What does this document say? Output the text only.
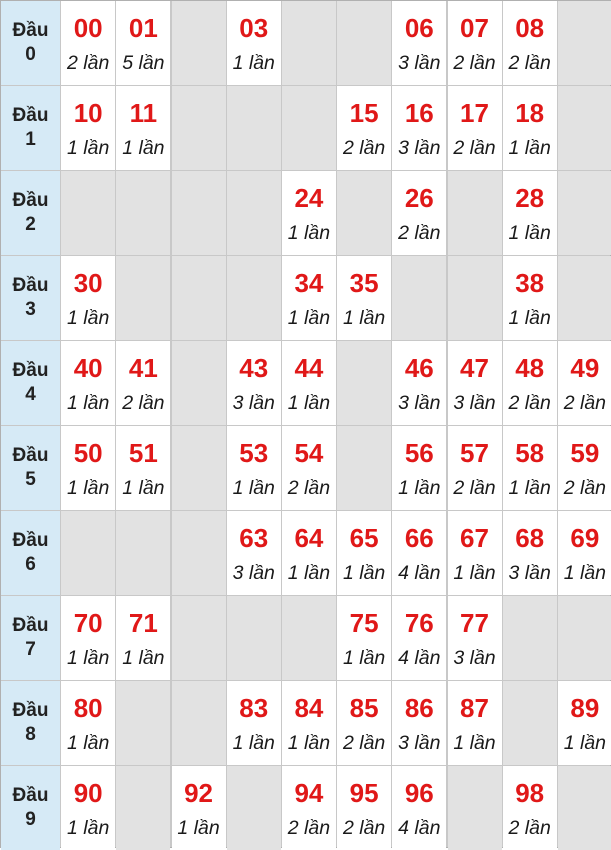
Đầu
0
00
2 lần
01
5 lần
03
1 lần
06
3 lần
07
2 lần
08
2 lần
Đầu
1
10
1 lần
11
1 lần
15
2 lần
16
3 lần
17
2 lần
18
1 lần
Đầu
2
24
1 lần
26
2 lần
28
1 lần
Đầu
3
30
1 lần
34
1 lần
35
1 lần
38
1 lần
Đầu
4
40
1 lần
41
2 lần
43
3 lần
44
1 lần
46
3 lần
47
3 lần
48
2 lần
49
2 lần
Đầu
5
50
1 lần
51
1 lần
53
1 lần
54
2 lần
56
1 lần
57
2 lần
58
1 lần
59
2 lần
Đầu
6
63
3 lần
64
1 lần
65
1 lần
66
4 lần
67
1 lần
68
3 lần
69
1 lần
Đầu
7
70
1 lần
71
1 lần
75
1 lần
76
4 lần
77
3 lần
Đầu
8
80
1 lần
83
1 lần
84
1 lần
85
2 lần
86
3 lần
87
1 lần
89
1 lần
Đầu
9
90
1 lần
92
1 lần
94
2 lần
95
2 lần
96
4 lần
98
2 lần
